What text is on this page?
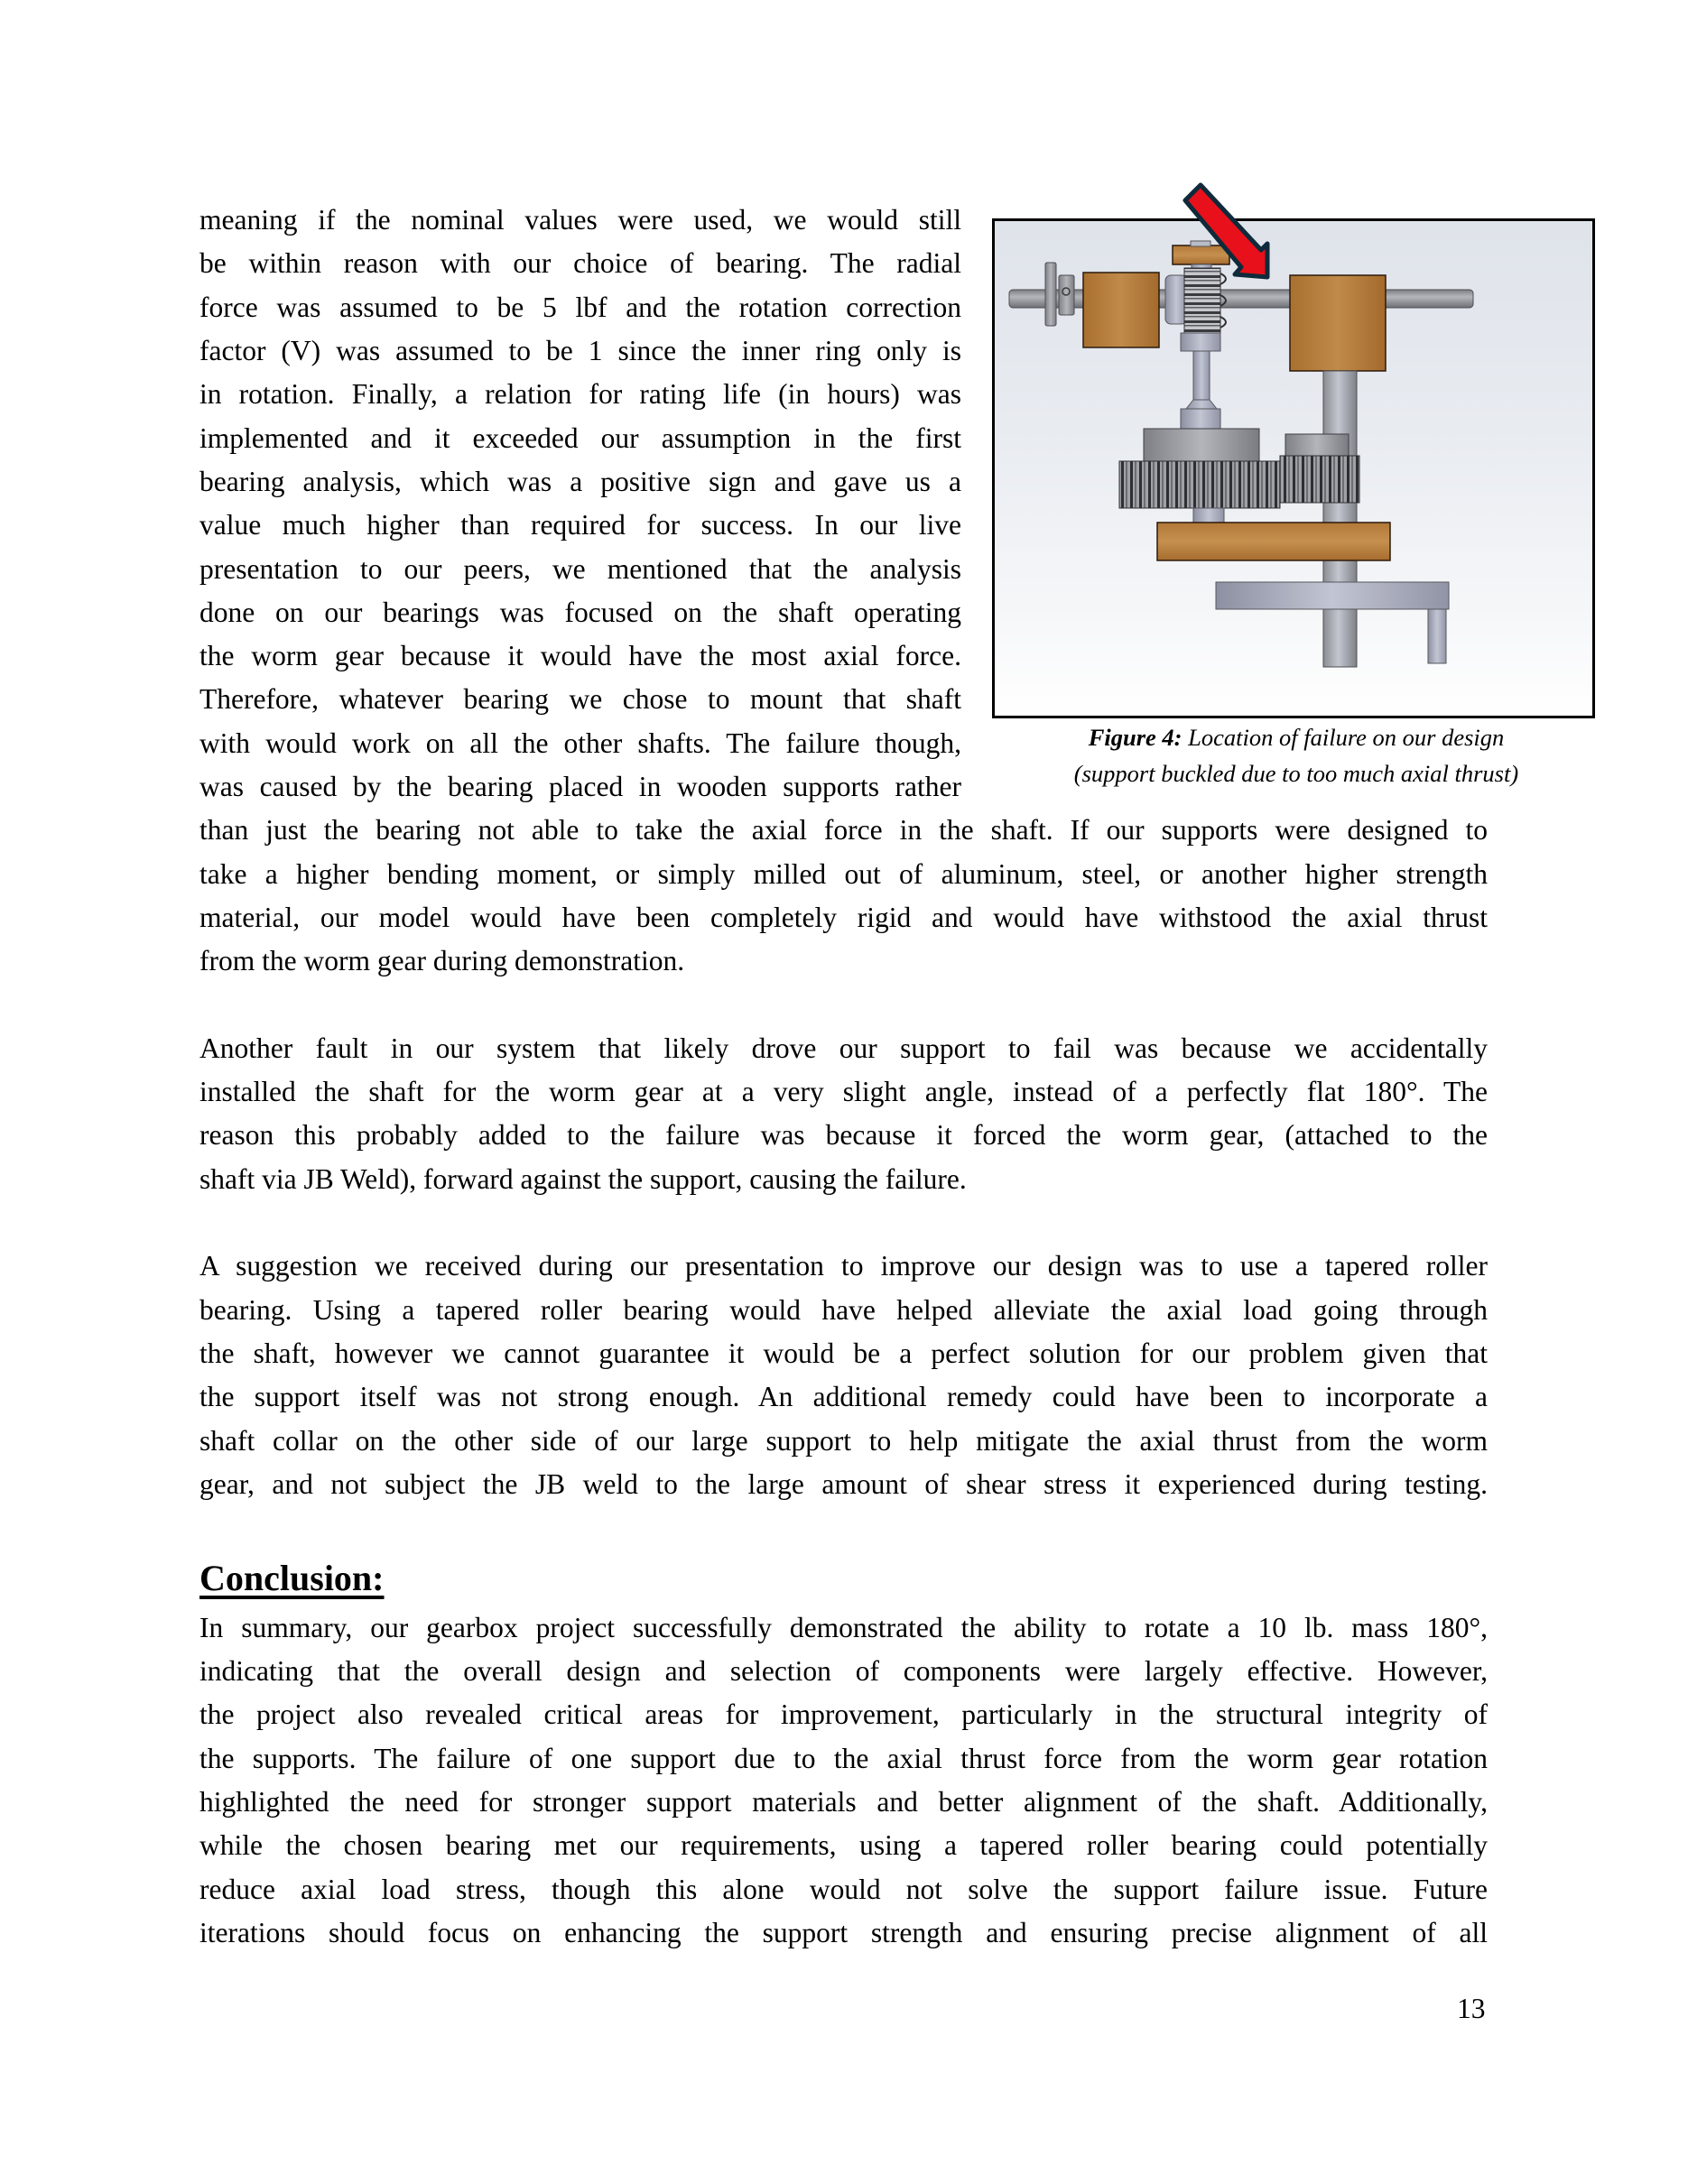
meaning if the nominal values were used, we would still
be within reason with our choice of bearing. The radial
force was assumed to be 5 lbf and the rotation correction
factor (V) was assumed to be 1 since the inner ring only is
in rotation. Finally, a relation for rating life (in hours) was
implemented and it exceeded our assumption in the first
bearing analysis, which was a positive sign and gave us a
value much higher than required for success. In our live
presentation to our peers, we mentioned that the analysis
done on our bearings was focused on the shaft operating
the worm gear because it would have the most axial force.
Therefore, whatever bearing we chose to mount that shaft
with would work on all the other shafts. The failure though,
was caused by the bearing placed in wooden supports rather
than just the bearing not able to take the axial force in the shaft. If our supports were designed to
take a higher bending moment, or simply milled out of aluminum, steel, or another higher strength
material, our model would have been completely rigid and would have withstood the axial thrust
from the worm gear during demonstration.
Another fault in our system that likely drove our support to fail was because we accidentally
installed the shaft for the worm gear at a very slight angle, instead of a perfectly flat 180°. The
reason this probably added to the failure was because it forced the worm gear, (attached to the
shaft via JB Weld), forward against the support, causing the failure.
A suggestion we received during our presentation to improve our design was to use a tapered roller
bearing. Using a tapered roller bearing would have helped alleviate the axial load going through
the shaft, however we cannot guarantee it would be a perfect solution for our problem given that
the support itself was not strong enough. An additional remedy could have been to incorporate a
shaft collar on the other side of our large support to help mitigate the axial thrust from the worm
gear, and not subject the JB weld to the large amount of shear stress it experienced during testing.
Conclusion:
In summary, our gearbox project successfully demonstrated the ability to rotate a 10 lb. mass 180°,
indicating that the overall design and selection of components were largely effective. However,
the project also revealed critical areas for improvement, particularly in the structural integrity of
the supports. The failure of one support due to the axial thrust force from the worm gear rotation
highlighted the need for stronger support materials and better alignment of the shaft. Additionally,
while the chosen bearing met our requirements, using a tapered roller bearing could potentially
reduce axial load stress, though this alone would not solve the support failure issue. Future
iterations should focus on enhancing the support strength and ensuring precise alignment of all
13
Figure 4: Location of failure on our design
(support buckled due to too much axial thrust)
